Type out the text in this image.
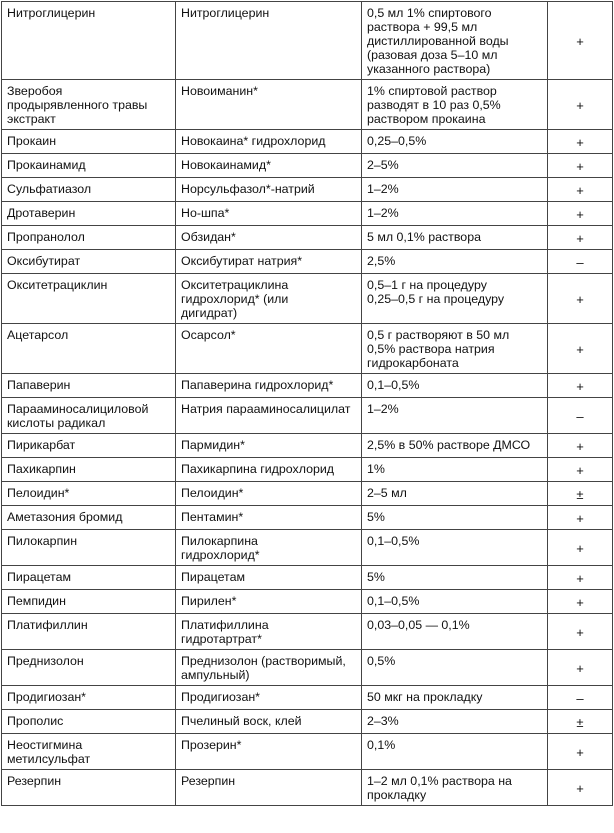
Нитроглицерин	Нитроглицерин	0,5 мл 1% спиртового
раствора + 99,5 мл
дистиллированной воды
(разовая доза 5–10 мл
указанного раствора)	+
Зверобоя
продырявленного травы
экстракт	Новоиманин*	1% спиртовой раствор
разводят в 10 раз 0,5%
раствором прокаина	+
Прокаин	Новокаина* гидрохлорид	0,25–0,5%	+
Прокаинамид	Новокаинамид*	2–5%	+
Сульфатиазол	Норсульфазол*-натрий	1–2%	+
Дротаверин	Но-шпа*	1–2%	+
Пропранолол	Обзидан*	5 мл 0,1% раствора	+
Оксибутират	Оксибутират натрия*	2,5%	–
Окситетрациклин	Окситетрациклина
гидрохлорид* (или
дигидрат)	0,5–1 г на процедуру
0,25–0,5 г на процедуру	+
Ацетарсол	Осарсол*	0,5 г растворяют в 50 мл
0,5% раствора натрия
гидрокарбоната	+
Папаверин	Папаверина гидрохлорид*	0,1–0,5%	+
Парааминосалициловой
кислоты радикал	Натрия парааминосалицилат	1–2%	–
Пирикарбат	Пармидин*	2,5% в 50% растворе ДМСО	+
Пахикарпин	Пахикарпина гидрохлорид	1%	+
Пелоидин*	Пелоидин*	2–5 мл	±
Аметазония бромид	Пентамин*	5%	+
Пилокарпин	Пилокарпина
гидрохлорид*	0,1–0,5%	+
Пирацетам	Пирацетам	5%	+
Пемпидин	Пирилен*	0,1–0,5%	+
Платифиллин	Платифиллина
гидротартрат*	0,03–0,05 — 0,1%	+
Преднизолон	Преднизолон (растворимый,
ампульный)	0,5%	+
Продигиозан*	Продигиозан*	50 мкг на прокладку	–
Прополис	Пчелиный воск, клей	2–3%	±
Неостигмина
метилсульфат	Прозерин*	0,1%	+
Резерпин	Резерпин	1–2 мл 0,1% раствора на
прокладку	+
